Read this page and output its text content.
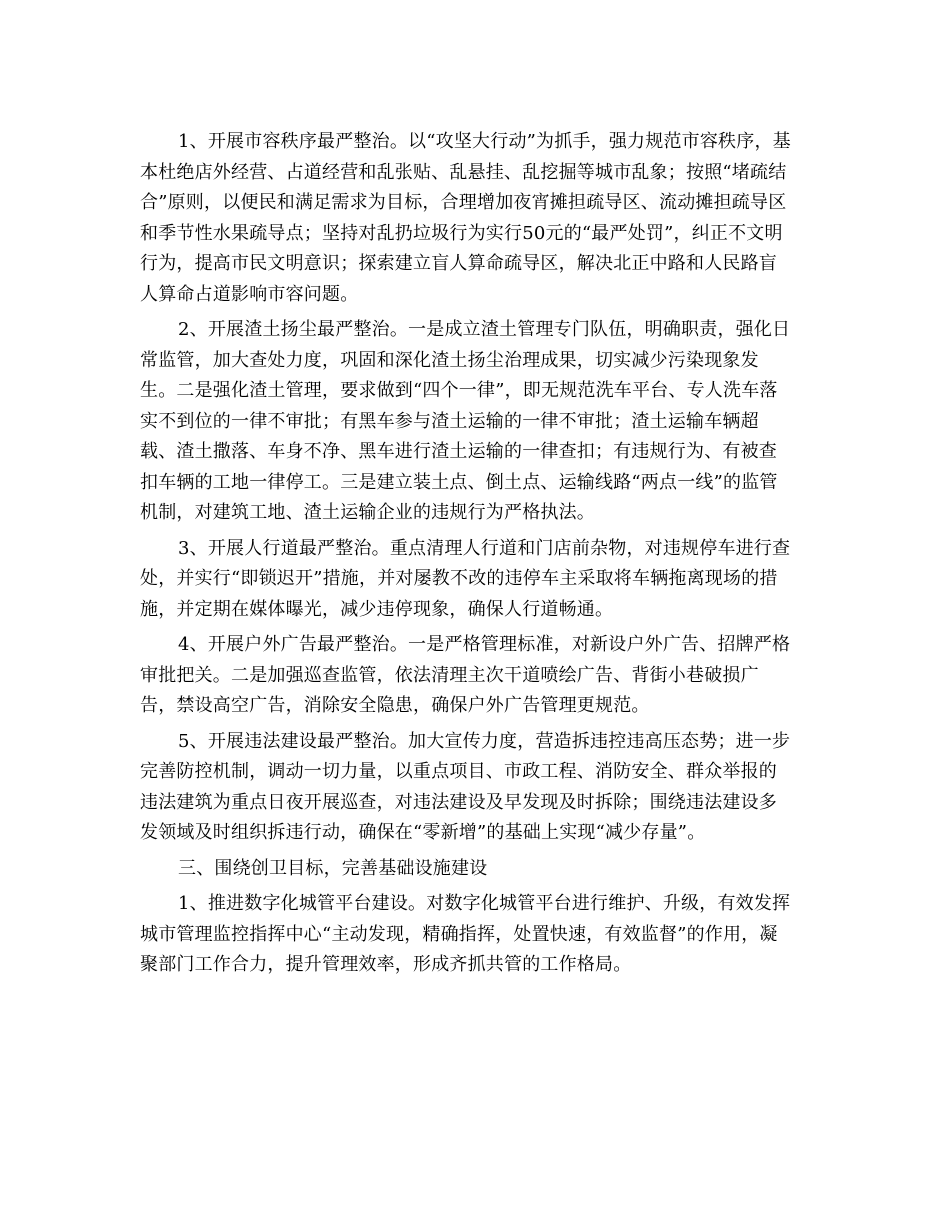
1、开展市容秩序最严整治。以“攻坚大行动”为抓手，强力规范市容秩序，基
本杜绝店外经营、占道经营和乱张贴、乱悬挂、乱挖掘等城市乱象；按照“堵疏结
合”原则，以便民和满足需求为目标，合理增加夜宵摊担疏导区、流动摊担疏导区
和季节性水果疏导点；坚持对乱扔垃圾行为实行50元的“最严处罚”，纠正不文明
行为，提高市民文明意识；探索建立盲人算命疏导区，解决北正中路和人民路盲
人算命占道影响市容问题。

2、开展渣土扬尘最严整治。一是成立渣土管理专门队伍，明确职责，强化日
常监管，加大查处力度，巩固和深化渣土扬尘治理成果，切实减少污染现象发
生。二是强化渣土管理，要求做到“四个一律”，即无规范洗车平台、专人洗车落
实不到位的一律不审批；有黑车参与渣土运输的一律不审批；渣土运输车辆超
载、渣土撒落、车身不净、黑车进行渣土运输的一律查扣；有违规行为、有被查
扣车辆的工地一律停工。三是建立装土点、倒土点、运输线路“两点一线”的监管
机制，对建筑工地、渣土运输企业的违规行为严格执法。

3、开展人行道最严整治。重点清理人行道和门店前杂物，对违规停车进行查
处，并实行“即锁迟开”措施，并对屡教不改的违停车主采取将车辆拖离现场的措
施，并定期在媒体曝光，减少违停现象，确保人行道畅通。

4、开展户外广告最严整治。一是严格管理标准，对新设户外广告、招牌严格
审批把关。二是加强巡查监管，依法清理主次干道喷绘广告、背街小巷破损广
告，禁设高空广告，消除安全隐患，确保户外广告管理更规范。

5、开展违法建设最严整治。加大宣传力度，营造拆违控违高压态势；进一步
完善防控机制，调动一切力量，以重点项目、市政工程、消防安全、群众举报的
违法建筑为重点日夜开展巡查，对违法建设及早发现及时拆除；围绕违法建设多
发领域及时组织拆违行动，确保在“零新增”的基础上实现“减少存量”。

三、围绕创卫目标，完善基础设施建设

1、推进数字化城管平台建设。对数字化城管平台进行维护、升级，有效发挥
城市管理监控指挥中心“主动发现，精确指挥，处置快速，有效监督”的作用，凝
聚部门工作合力，提升管理效率，形成齐抓共管的工作格局。
